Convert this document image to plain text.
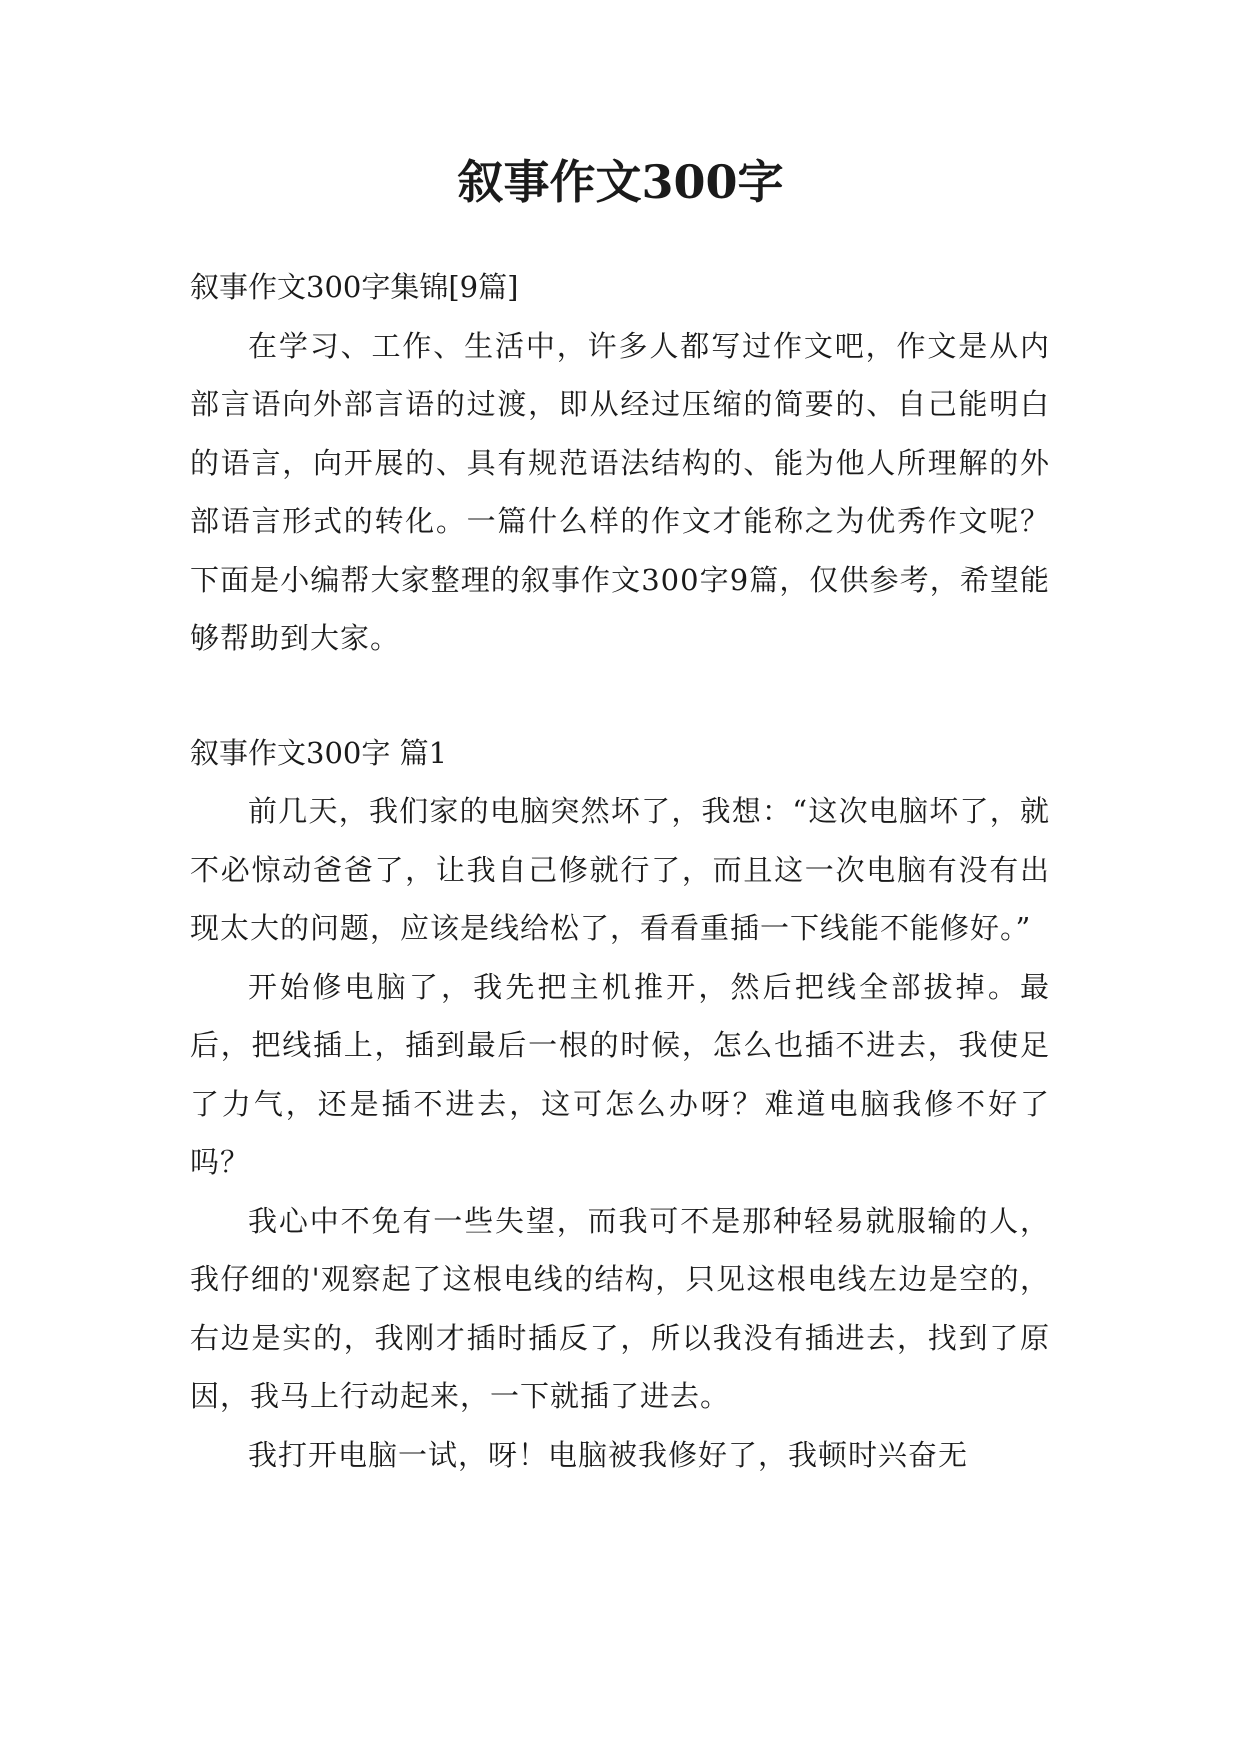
叙事作文300字

叙事作文300字集锦[9篇]

在学习、工作、生活中，许多人都写过作文吧，作文是从内部言语向外部言语的过渡，即从经过压缩的简要的、自己能明白的语言，向开展的、具有规范语法结构的、能为他人所理解的外部语言形式的转化。一篇什么样的作文才能称之为优秀作文呢？下面是小编帮大家整理的叙事作文300字9篇，仅供参考，希望能够帮助到大家。

叙事作文300字 篇1

前几天，我们家的电脑突然坏了，我想：“这次电脑坏了，就不必惊动爸爸了，让我自己修就行了，而且这一次电脑有没有出现太大的问题，应该是线给松了，看看重插一下线能不能修好。”

开始修电脑了，我先把主机推开，然后把线全部拔掉。最后，把线插上，插到最后一根的时候，怎么也插不进去，我使足了力气，还是插不进去，这可怎么办呀？难道电脑我修不好了吗？

我心中不免有一些失望，而我可不是那种轻易就服输的人，我仔细的'观察起了这根电线的结构，只见这根电线左边是空的，右边是实的，我刚才插时插反了，所以我没有插进去，找到了原因，我马上行动起来，一下就插了进去。

我打开电脑一试，呀！电脑被我修好了，我顿时兴奋无
